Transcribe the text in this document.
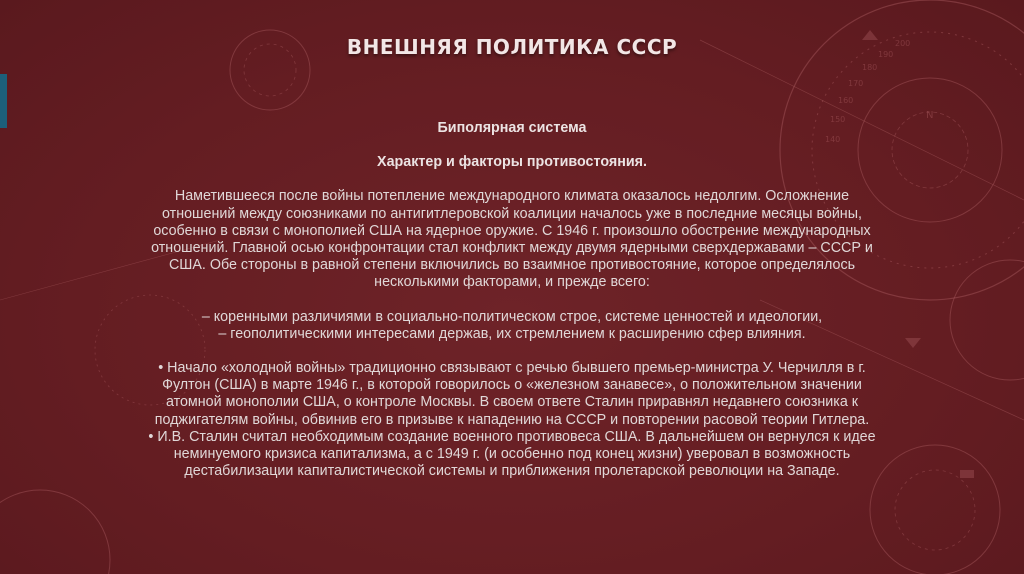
140
150
160
170
180
190
200
N
ВНЕШНЯЯ ПОЛИТИКА СССР
Биполярная система
Характер и факторы противостояния.
Наметившееся после войны потепление международного климата оказалось недолгим. Осложнение
отношений между союзниками по антигитлеровской коалиции началось уже в последние месяцы войны,
особенно в связи с монополией США на ядерное оружие. С 1946 г. произошло обострение международных
отношений. Главной осью конфронтации стал конфликт между двумя ядерными сверхдержавами – СССР и
США. Обе стороны в равной степени включились во взаимное противостояние, которое определялось
несколькими факторами, и прежде всего:
– коренными различиями в социально-политическом строе, системе ценностей и идеологии,
– геополитическими интересами держав, их стремлением к расширению сфер влияния.
• Начало «холодной войны» традиционно связывают с речью бывшего премьер-министра У. Черчилля в г.
Фултон (США) в марте 1946 г., в которой говорилось о «железном занавесе», о положительном значении
атомной монополии США, о контроле Москвы. В своем ответе Сталин приравнял недавнего союзника к
поджигателям войны, обвинив его в призыве к нападению на СССР и повторении расовой теории Гитлера.
• И.В. Сталин считал необходимым создание военного противовеса США. В дальнейшем он вернулся к идее
неминуемого кризиса капитализма, а с 1949 г. (и особенно под конец жизни) уверовал в возможность
дестабилизации капиталистической системы и приближения пролетарской революции на Западе.
